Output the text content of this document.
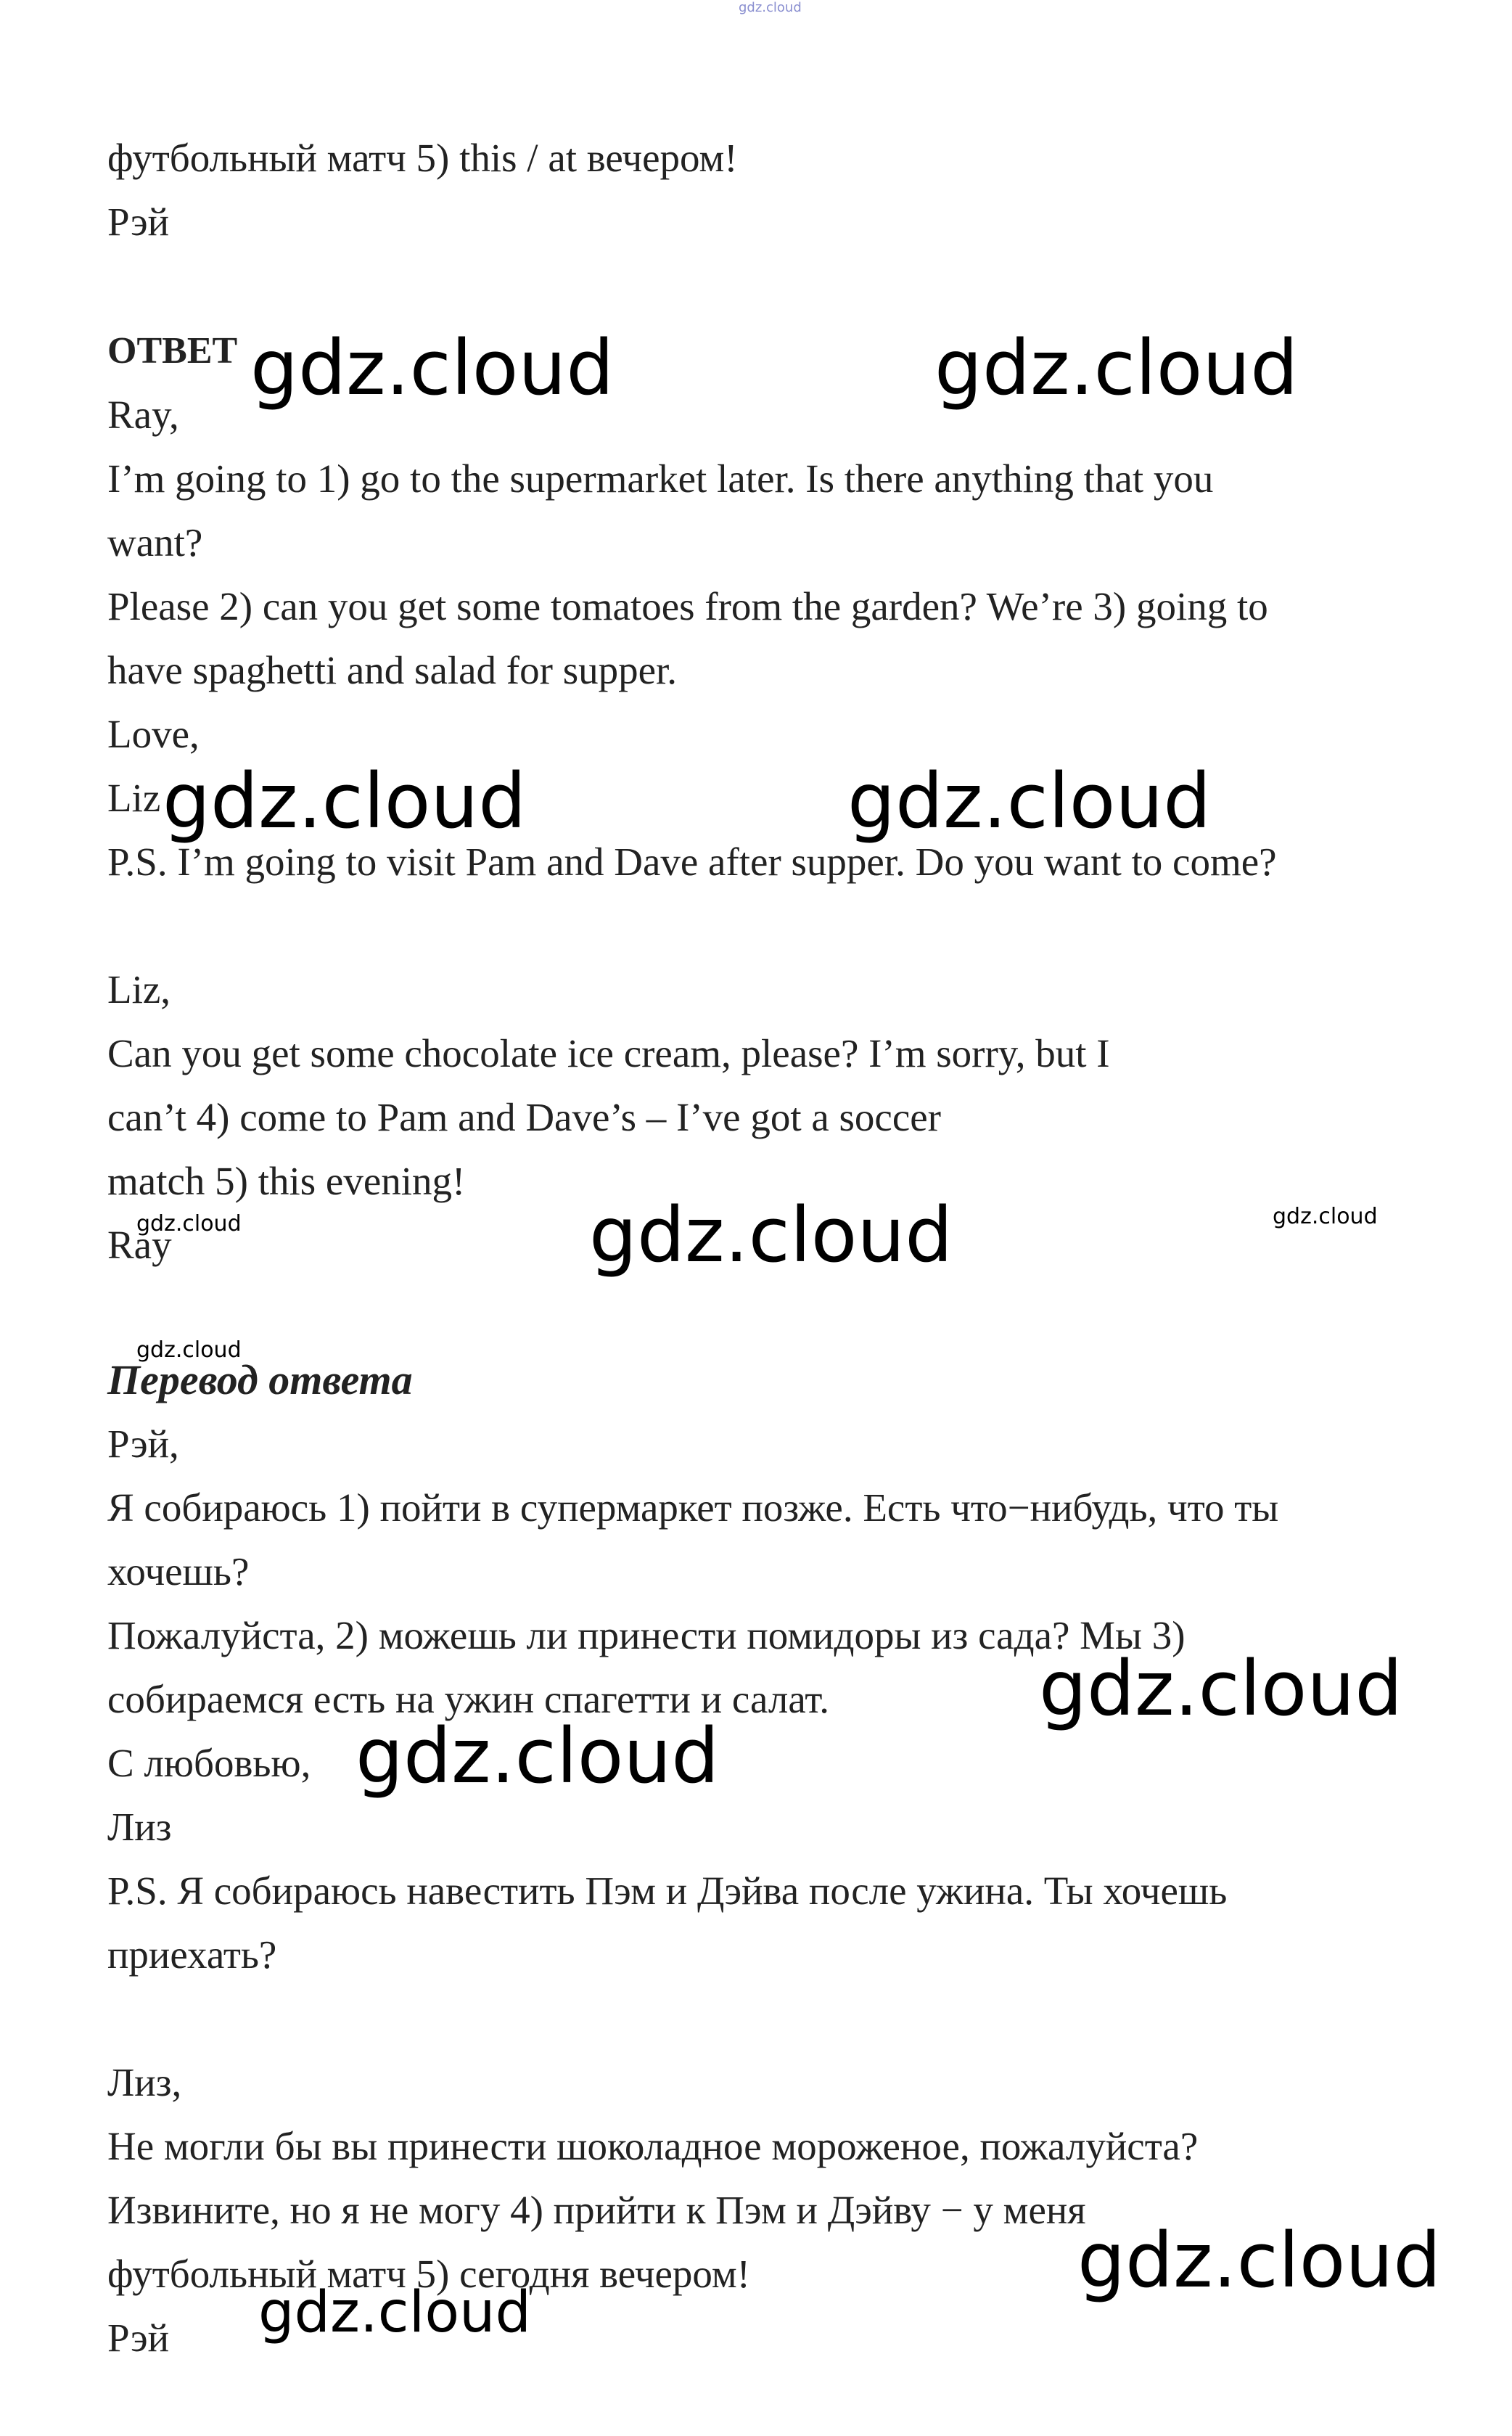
gdz.cloud
футбольный матч 5) this / at вечером!
Рэй
ОТВЕТ
Ray,
I’m going to 1) go to the supermarket later. Is there anything that you
want?
Please 2) can you get some tomatoes from the garden? We’re 3) going to
have spaghetti and salad for supper.
Love,
Liz
P.S. I’m going to visit Pam and Dave after supper. Do you want to come?
Liz,
Can you get some chocolate ice cream, please? I’m sorry, but I
can’t 4) come to Pam and Dave’s – I’ve got a soccer
match 5) this evening!
Ray
Перевод ответа
Рэй,
Я собираюсь 1) пойти в супермаркет позже. Есть что−нибудь, что ты
хочешь?
Пожалуйста, 2) можешь ли принести помидоры из сада? Мы 3)
собираемся есть на ужин спагетти и салат.
С любовью,
Лиз
P.S. Я собираюсь навестить Пэм и Дэйва после ужина. Ты хочешь
приехать?
Лиз,
Не могли бы вы принести шоколадное мороженое, пожалуйста?
Извините, но я не могу 4) прийти к Пэм и Дэйву − у меня
футбольный матч 5) сегодня вечером!
Рэй
gdz.cloud	gdz.cloud
gdz.cloud	gdz.cloud
gdz.cloud	gdz.cloud	gdz.cloud
gdz.cloud
gdz.cloud
gdz.cloud
gdz.cloud
gdz.cloud
